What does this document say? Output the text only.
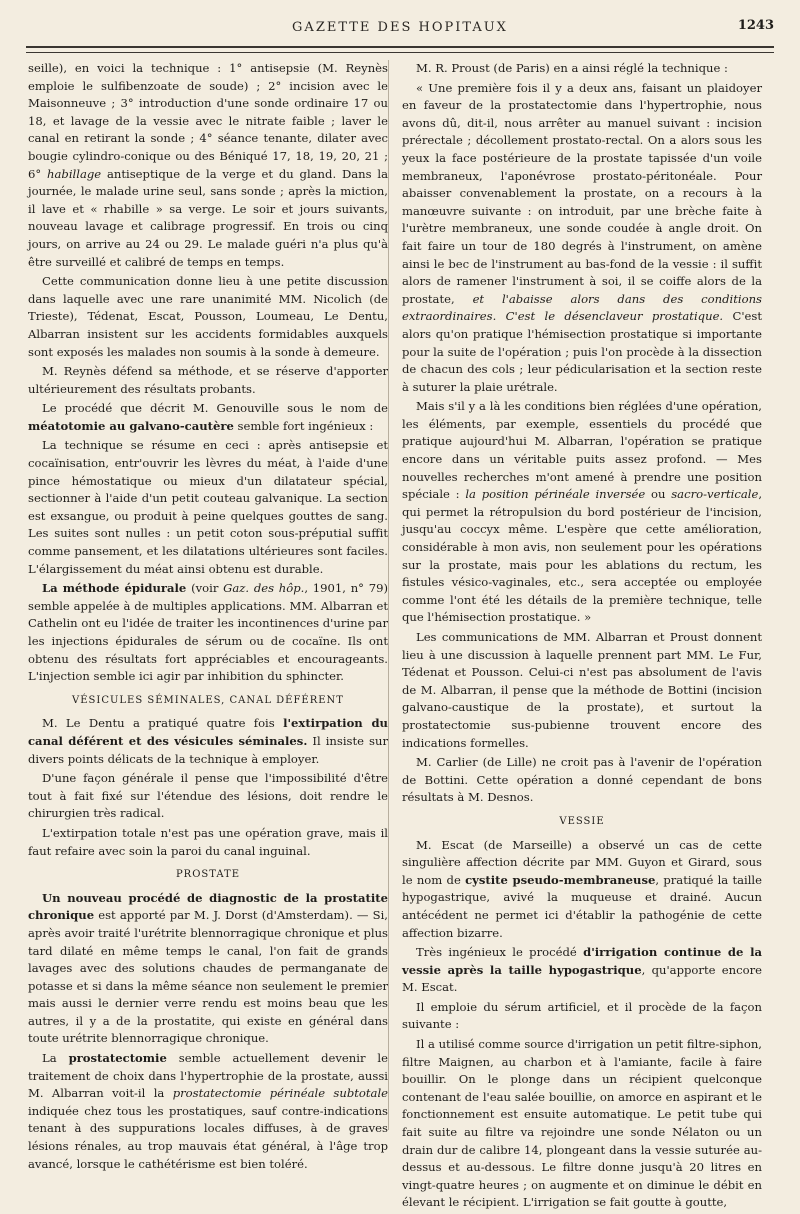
GAZETTE DES HOPITAUX	1243

seille), en voici la technique : 1° antisepsie (M. Reynès emploie le sulfibenzoate de soude) ; 2° incision avec le Maisonneuve ; 3° introduction d'une sonde ordinaire 17 ou 18, et lavage de la vessie avec le nitrate faible ; laver le canal en retirant la sonde ; 4° séance tenante, dilater avec bougie cylindro-conique ou des Béniqué 17, 18, 19, 20, 21 ; 6° habillage antiseptique de la verge et du gland. Dans la journée, le malade urine seul, sans sonde ; après la miction, il lave et « rhabille » sa verge. Le soir et jours suivants, nouveau lavage et calibrage progressif. En trois ou cinq jours, on arrive au 24 ou 29. Le malade guéri n'a plus qu'à être surveillé et calibré de temps en temps.

Cette communication donne lieu à une petite discussion dans laquelle avec une rare unanimité MM. Nicolich (de Trieste), Tédenat, Escat, Pousson, Loumeau, Le Dentu, Albarran insistent sur les accidents formidables auxquels sont exposés les malades non soumis à la sonde à demeure.

M. Reynès défend sa méthode, et se réserve d'apporter ultérieurement des résultats probants.

Le procédé que décrit M. Genouville sous le nom de méatotomie au galvano-cautère semble fort ingénieux :

La technique se résume en ceci : après antisepsie et cocaïnisation, entr'ouvrir les lèvres du méat, à l'aide d'une pince hémostatique ou mieux d'un dilatateur spécial, sectionner à l'aide d'un petit couteau galvanique. La section est exsangue, ou produit à peine quelques gouttes de sang. Les suites sont nulles : un petit coton sous-préputial suffit comme pansement, et les dilatations ultérieures sont faciles. L'élargissement du méat ainsi obtenu est durable.

La méthode épidurale (voir Gaz. des hôp., 1901, n° 79) semble appelée à de multiples applications. MM. Albarran et Cathelin ont eu l'idée de traiter les incontinences d'urine par les injections épidurales de sérum ou de cocaïne. Ils ont obtenu des résultats fort appréciables et encourageants. L'injection semble ici agir par inhibition du sphincter.

VÉSICULES SÉMINALES, CANAL DÉFÉRENT

M. Le Dentu a pratiqué quatre fois l'extirpation du canal déférent et des vésicules séminales. Il insiste sur divers points délicats de la technique à employer.

D'une façon générale il pense que l'impossibilité d'être tout à fait fixé sur l'étendue des lésions, doit rendre le chirurgien très radical.

L'extirpation totale n'est pas une opération grave, mais il faut refaire avec soin la paroi du canal inguinal.

PROSTATE

Un nouveau procédé de diagnostic de la prostatite chronique est apporté par M. J. Dorst (d'Amsterdam). — Si, après avoir traité l'urétrite blennorragique chronique et plus tard dilaté en même temps le canal, l'on fait de grands lavages avec des solutions chaudes de permanganate de potasse et si dans la même séance non seulement le premier mais aussi le dernier verre rendu est moins beau que les autres, il y a de la prostatite, qui existe en général dans toute urétrite blennorragique chronique.

La prostatectomie semble actuellement devenir le traitement de choix dans l'hypertrophie de la prostate, aussi M. Albarran voit-il la prostatectomie périnéale subtotale indiquée chez tous les prostatiques, sauf contre-indications tenant à des suppurations locales diffuses, à de graves lésions rénales, au trop mauvais état général, à l'âge trop avancé, lorsque le cathétérisme est bien toléré.

M. R. Proust (de Paris) en a ainsi réglé la technique :

« Une première fois il y a deux ans, faisant un plaidoyer en faveur de la prostatectomie dans l'hypertrophie, nous avons dû, dit-il, nous arrêter au manuel suivant : incision prérectale ; décollement prostato-rectal. On a alors sous les yeux la face postérieure de la prostate tapissée d'un voile membraneux, l'aponévrose prostato-péritonéale. Pour abaisser convenablement la prostate, on a recours à la manœuvre suivante : on introduit, par une brèche faite à l'urètre membraneux, une sonde coudée à angle droit. On fait faire un tour de 180 degrés à l'instrument, on amène ainsi le bec de l'instrument au bas-fond de la vessie : il suffit alors de ramener l'instrument à soi, il se coiffe alors de la prostate, et l'abaisse alors dans des conditions extraordinaires. C'est le désenclaveur prostatique. C'est alors qu'on pratique l'hémisection prostatique si importante pour la suite de l'opération ; puis l'on procède à la dissection de chacun des cols ; leur pédicularisation et la section reste à suturer la plaie urétrale.

Mais s'il y a là les conditions bien réglées d'une opération, les éléments, par exemple, essentiels du procédé que pratique aujourd'hui M. Albarran, l'opération se pratique encore dans un véritable puits assez profond. — Mes nouvelles recherches m'ont amené à prendre une position spéciale : la position périnéale inversée ou sacro-verticale, qui permet la rétropulsion du bord postérieur de l'incision, jusqu'au coccyx même. L'espère que cette amélioration, considérable à mon avis, non seulement pour les opérations sur la prostate, mais pour les ablations du rectum, les fistules vésico-vaginales, etc., sera acceptée ou employée comme l'ont été les détails de la première technique, telle que l'hémisection prostatique. »

Les communications de MM. Albarran et Proust donnent lieu à une discussion à laquelle prennent part MM. Le Fur, Tédenat et Pousson. Celui-ci n'est pas absolument de l'avis de M. Albarran, il pense que la méthode de Bottini (incision galvano-caustique de la prostate), et surtout la prostatectomie sus-pubienne trouvent encore des indications formelles.

M. Carlier (de Lille) ne croit pas à l'avenir de l'opération de Bottini. Cette opération a donné cependant de bons résultats à M. Desnos.

VESSIE

M. Escat (de Marseille) a observé un cas de cette singulière affection décrite par MM. Guyon et Girard, sous le nom de cystite pseudo-membraneuse, pratiqué la taille hypogastrique, avivé la muqueuse et drainé. Aucun antécédent ne permet ici d'établir la pathogénie de cette affection bizarre.

Très ingénieux le procédé d'irrigation continue de la vessie après la taille hypogastrique, qu'apporte encore M. Escat.

Il emploie du sérum artificiel, et il procède de la façon suivante :

Il a utilisé comme source d'irrigation un petit filtre-siphon, filtre Maignen, au charbon et à l'amiante, facile à faire bouillir. On le plonge dans un récipient quelconque contenant de l'eau salée bouillie, on amorce en aspirant et le fonctionnement est ensuite automatique. Le petit tube qui fait suite au filtre va rejoindre une sonde Nélaton ou un drain dur de calibre 14, plongeant dans la vessie suturée au-dessus et au-dessous. Le filtre donne jusqu'à 20 litres en vingt-quatre heures ; on augmente et on diminue le débit en élevant le récipient. L'irrigation se fait goutte à goutte,
